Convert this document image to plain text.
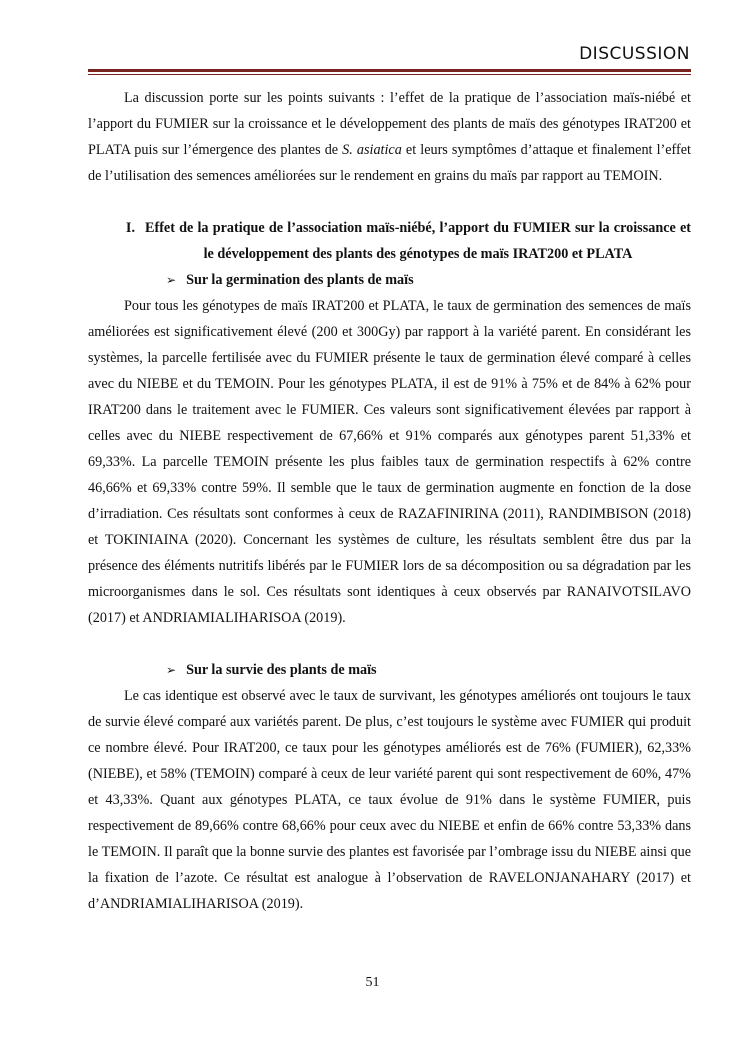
DISCUSSION

La discussion porte sur les points suivants : l’effet de la pratique de l’association maïs-niébé et l’apport du FUMIER sur la croissance et le développement des plants de maïs des génotypes IRAT200 et PLATA puis sur l’émergence des plantes de S. asiatica et leurs symptômes d’attaque et finalement l’effet de l’utilisation des semences améliorées sur le rendement en grains du maïs par rapport au TEMOIN.

I. Effet de la pratique de l’association maïs-niébé, l’apport du FUMIER sur la croissance et le développement des plants des génotypes de maïs IRAT200 et PLATA

➢ Sur la germination des plants de maïs

Pour tous les génotypes de maïs IRAT200 et PLATA, le taux de germination des semences de maïs améliorées est significativement élevé (200 et 300Gy) par rapport à la variété parent. En considérant les systèmes, la parcelle fertilisée avec du FUMIER présente le taux de germination élevé comparé à celles avec du NIEBE et du TEMOIN. Pour les génotypes PLATA, il est de 91% à 75% et de 84% à 62% pour IRAT200 dans le traitement avec le FUMIER. Ces valeurs sont significativement élevées par rapport à celles avec du NIEBE respectivement de 67,66% et 91% comparés aux génotypes parent 51,33% et 69,33%. La parcelle TEMOIN présente les plus faibles taux de germination respectifs à 62% contre 46,66% et 69,33% contre 59%. Il semble que le taux de germination augmente en fonction de la dose d’irradiation. Ces résultats sont conformes à ceux de RAZAFINIRINA (2011), RANDIMBISON (2018) et TOKINIAINA (2020). Concernant les systèmes de culture, les résultats semblent être dus par la présence des éléments nutritifs libérés par le FUMIER lors de sa décomposition ou sa dégradation par les microorganismes dans le sol. Ces résultats sont identiques à ceux observés par RANAIVOTSILAVO (2017) et ANDRIAMIALIHARISOA (2019).

➢ Sur la survie des plants de maïs

Le cas identique est observé avec le taux de survivant, les génotypes améliorés ont toujours le taux de survie élevé comparé aux variétés parent. De plus, c’est toujours le système avec FUMIER qui produit ce nombre élevé. Pour IRAT200, ce taux pour les génotypes améliorés est de 76% (FUMIER), 62,33% (NIEBE), et 58% (TEMOIN) comparé à ceux de leur variété parent qui sont respectivement de 60%, 47% et 43,33%. Quant aux génotypes PLATA, ce taux évolue de 91% dans le système FUMIER, puis respectivement de 89,66% contre 68,66% pour ceux avec du NIEBE et enfin de 66% contre 53,33% dans le TEMOIN. Il paraît que la bonne survie des plantes est favorisée par l’ombrage issu du NIEBE ainsi que la fixation de l’azote. Ce résultat est analogue à l’observation de RAVELONJANAHARY (2017) et d’ANDRIAMIALIHARISOA (2019).

51
